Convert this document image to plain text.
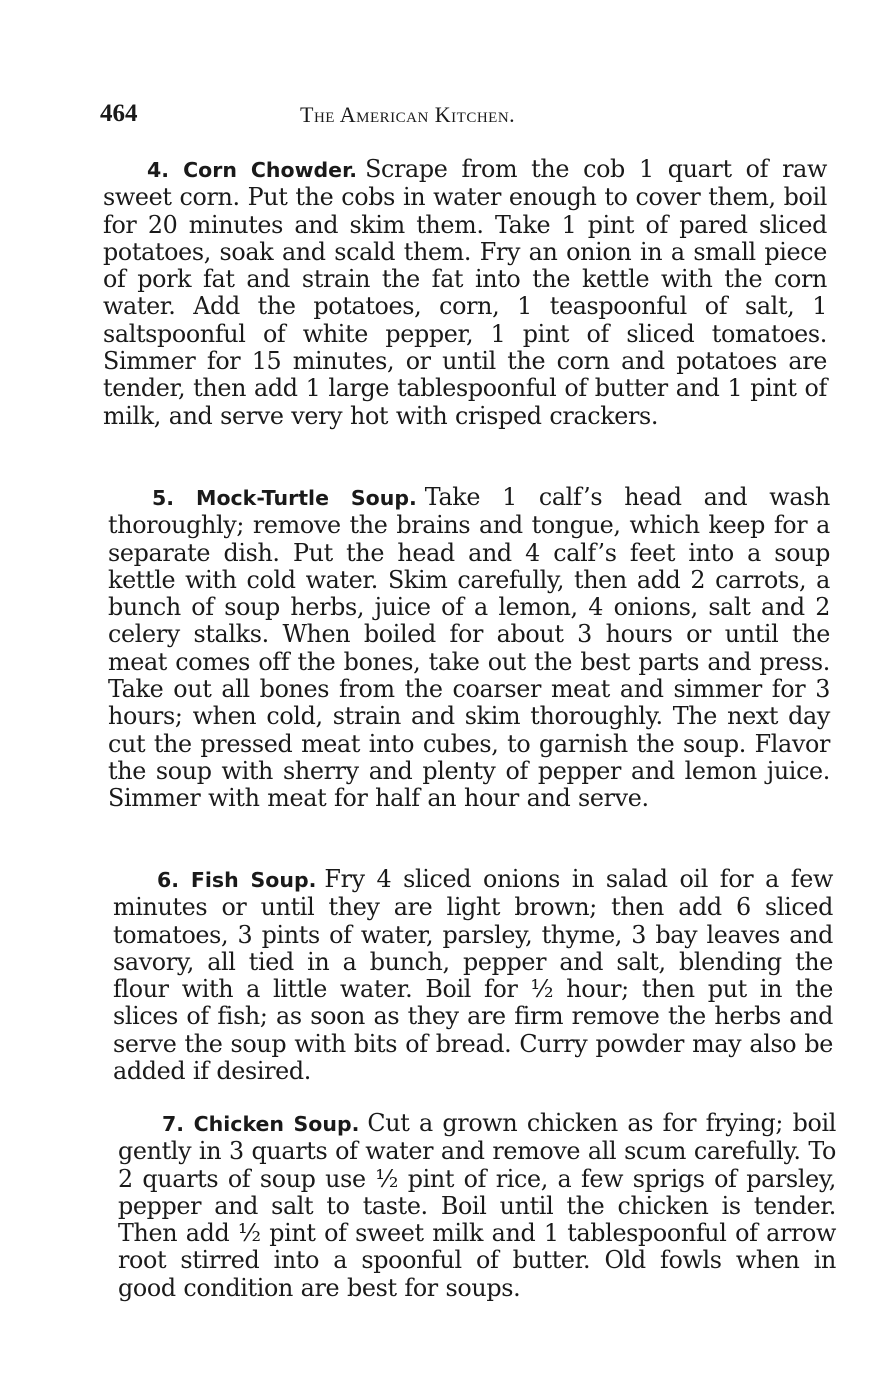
464	The American Kitchen.

4. Corn Chowder. Scrape from the cob 1 quart of raw sweet corn. Put the cobs in water enough to cover them, boil for 20 minutes and skim them. Take 1 pint of pared sliced potatoes, soak and scald them. Fry an onion in a small piece of pork fat and strain the fat into the kettle with the corn water. Add the potatoes, corn, 1 teaspoonful of salt, 1 saltspoonful of white pepper, 1 pint of sliced tomatoes. Simmer for 15 minutes, or until the corn and potatoes are tender, then add 1 large tablespoonful of butter and 1 pint of milk, and serve very hot with crisped crackers.

5. Mock-Turtle Soup. Take 1 calf’s head and wash thoroughly; remove the brains and tongue, which keep for a separate dish. Put the head and 4 calf’s feet into a soup kettle with cold water. Skim carefully, then add 2 carrots, a bunch of soup herbs, juice of a lemon, 4 onions, salt and 2 celery stalks. When boiled for about 3 hours or until the meat comes off the bones, take out the best parts and press. Take out all bones from the coarser meat and simmer for 3 hours; when cold, strain and skim thoroughly. The next day cut the pressed meat into cubes, to garnish the soup. Flavor the soup with sherry and plenty of pepper and lemon juice. Simmer with meat for half an hour and serve.

6. Fish Soup. Fry 4 sliced onions in salad oil for a few minutes or until they are light brown; then add 6 sliced tomatoes, 3 pints of water, parsley, thyme, 3 bay leaves and savory, all tied in a bunch, pepper and salt, blending the flour with a little water. Boil for ½ hour; then put in the slices of fish; as soon as they are firm remove the herbs and serve the soup with bits of bread. Curry powder may also be added if desired.

7. Chicken Soup. Cut a grown chicken as for frying; boil gently in 3 quarts of water and remove all scum carefully. To 2 quarts of soup use ½ pint of rice, a few sprigs of parsley, pepper and salt to taste. Boil until the chicken is tender. Then add ½ pint of sweet milk and 1 tablespoonful of arrow root stirred into a spoonful of butter. Old fowls when in good condition are best for soups.
